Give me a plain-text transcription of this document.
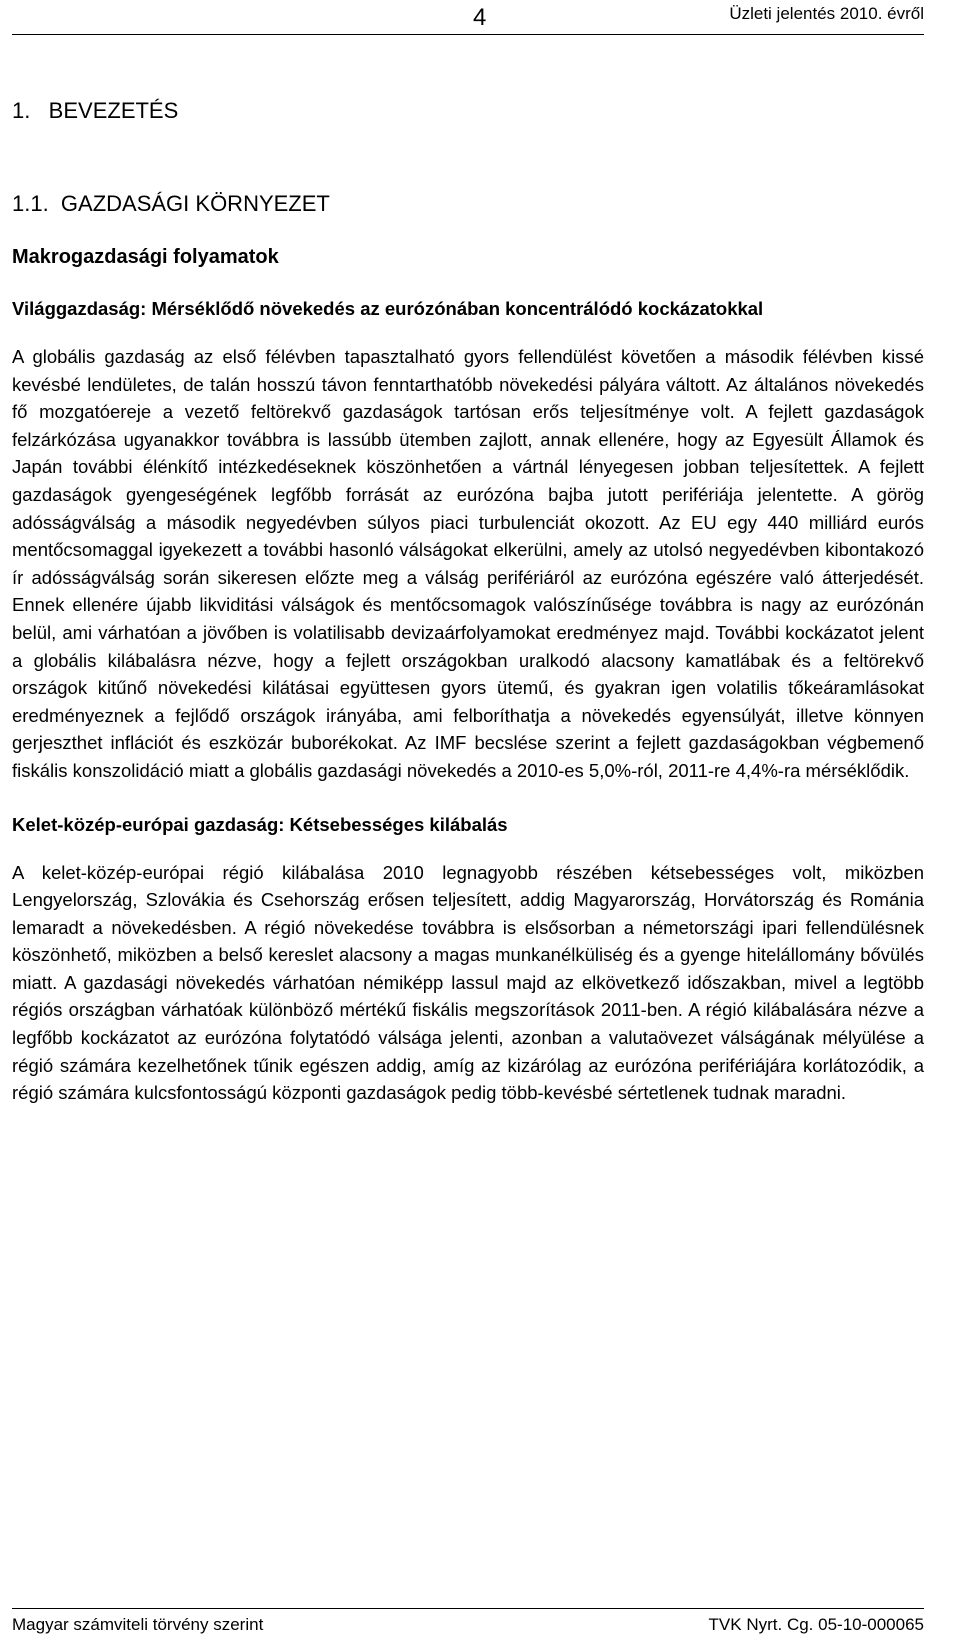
4	Üzleti jelentés 2010. évről
1.   BEVEZETÉS
1.1.  GAZDASÁGI KÖRNYEZET
Makrogazdasági folyamatok
Világgazdaság: Mérséklődő növekedés az eurózónában koncentrálódó kockázatokkal

A globális gazdaság az első félévben tapasztalható gyors fellendülést követően a második félévben kissé kevésbé lendületes, de talán hosszú távon fenntarthatóbb növekedési pályára váltott. Az általános növekedés fő mozgatóereje a vezető feltörekvő gazdaságok tartósan erős teljesítménye volt. A fejlett gazdaságok felzárkózása ugyanakkor továbbra is lassúbb ütemben zajlott, annak ellenére, hogy az Egyesült Államok és Japán további élénkítő intézkedéseknek köszönhetően a vártnál lényegesen jobban teljesítettek. A fejlett gazdaságok gyengeségének legfőbb forrását az eurózóna bajba jutott perifériája jelentette. A görög adósságválság a második negyedévben súlyos piaci turbulenciát okozott. Az EU egy 440 milliárd eurós mentőcsomaggal igyekezett a további hasonló válságokat elkerülni, amely az utolsó negyedévben kibontakozó ír adósságválság során sikeresen előzte meg a válság perifériáról az eurózóna egészére való átterjedését. Ennek ellenére újabb likviditási válságok és mentőcsomagok valószínűsége továbbra is nagy az eurózónán belül, ami várhatóan a jövőben is volatilisabb devizaárfolyamokat eredményez majd. További kockázatot jelent a globális kilábalásra nézve, hogy a fejlett országokban uralkodó alacsony kamatlábak és a feltörekvő országok kitűnő növekedési kilátásai együttesen gyors ütemű, és gyakran igen volatilis tőkeáramlásokat eredményeznek a fejlődő országok irányába, ami felboríthatja a növekedés egyensúlyát, illetve könnyen gerjeszthet inflációt és eszközár buborékokat. Az IMF becslése szerint a fejlett gazdaságokban végbemenő fiskális konszolidáció miatt a globális gazdasági növekedés a 2010-es 5,0%-ról, 2011-re 4,4%-ra mérséklődik.

Kelet-közép-európai gazdaság: Kétsebességes kilábalás

A kelet-közép-európai régió kilábalása 2010 legnagyobb részében kétsebességes volt, miközben Lengyelország, Szlovákia és Csehország erősen teljesített, addig Magyarország, Horvátország és Románia lemaradt a növekedésben. A régió növekedése továbbra is elsősorban a németországi ipari fellendülésnek köszönhető, miközben a belső kereslet alacsony a magas munkanélküliség és a gyenge hitelállomány bővülés miatt. A gazdasági növekedés várhatóan némiképp lassul majd az elkövetkező időszakban, mivel a legtöbb régiós országban várhatóak különböző mértékű fiskális megszorítások 2011-ben. A régió kilábalására nézve a legfőbb kockázatot az eurózóna folytatódó válsága jelenti, azonban a valutaövezet válságának mélyülése a régió számára kezelhetőnek tűnik egészen addig, amíg az kizárólag az eurózóna perifériájára korlátozódik, a régió számára kulcsfontosságú központi gazdaságok pedig több-kevésbé sértetlenek tudnak maradni.

Magyar számviteli törvény szerint	TVK Nyrt. Cg. 05-10-000065
